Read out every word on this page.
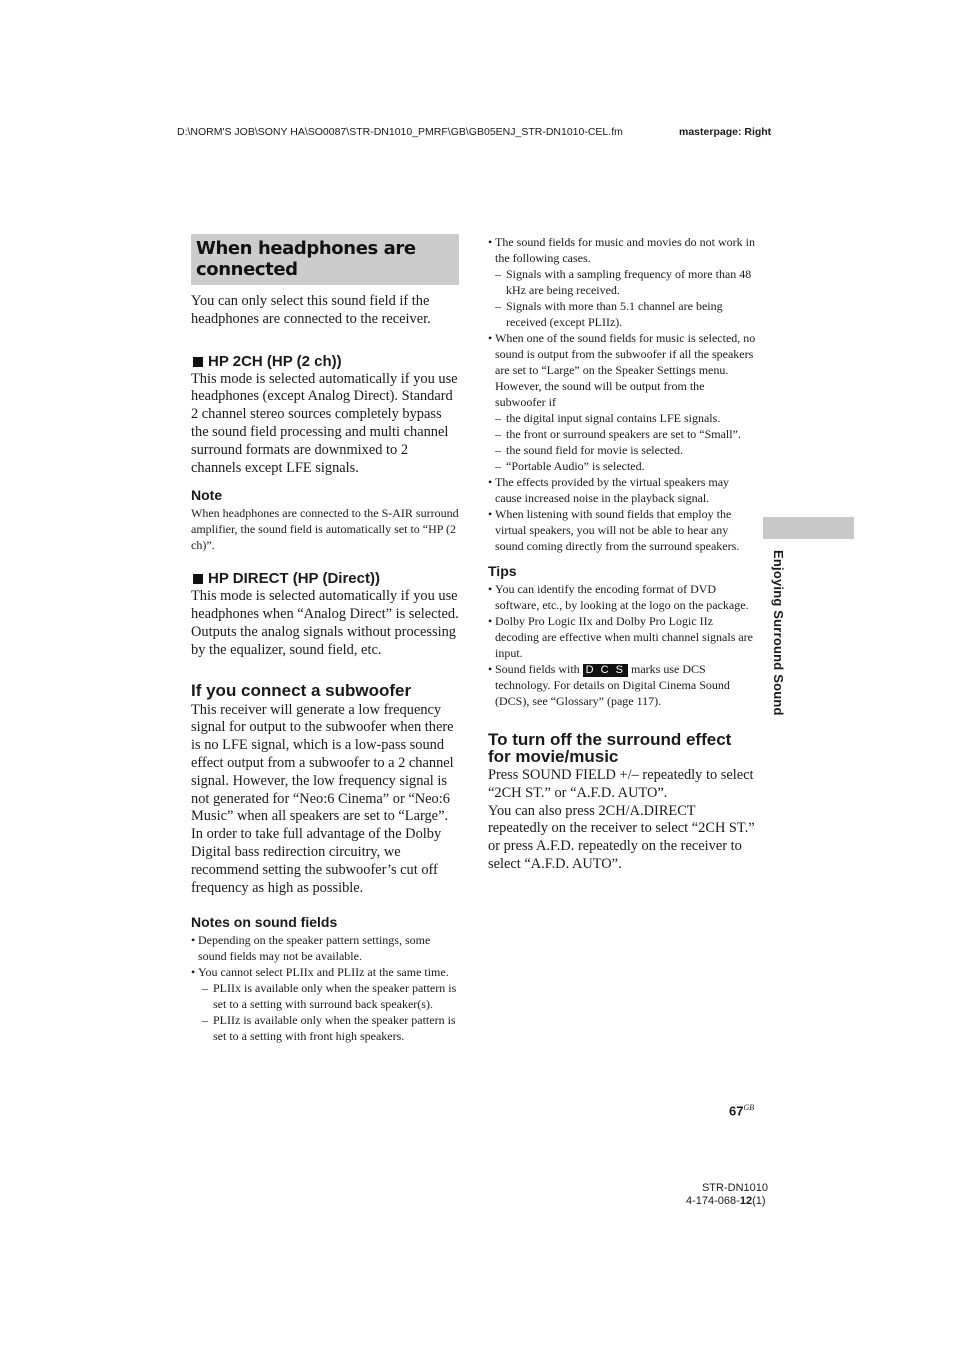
D:\NORM'S JOB\SONY HA\SO0087\STR-DN1010_PMRF\GB\GB05ENJ_STR-DN1010-CEL.fm	masterpage: Right
When headphones are
connected

You can only select this sound field if the headphones are connected to the receiver.

HP 2CH (HP (2 ch))

This mode is selected automatically if you use headphones (except Analog Direct). Standard 2 channel stereo sources completely bypass the sound field processing and multi channel surround formats are downmixed to 2 channels except LFE signals.

Note

When headphones are connected to the S-AIR surround amplifier, the sound field is automatically set to “HP (2 ch)”.

HP DIRECT (HP (Direct))

This mode is selected automatically if you use headphones when “Analog Direct” is selected. Outputs the analog signals without processing by the equalizer, sound field, etc.

If you connect a subwoofer

This receiver will generate a low frequency signal for output to the subwoofer when there is no LFE signal, which is a low-pass sound effect output from a subwoofer to a 2 channel signal. However, the low frequency signal is not generated for “Neo:6 Cinema” or “Neo:6 Music” when all speakers are set to “Large”. In order to take full advantage of the Dolby Digital bass redirection circuitry, we recommend setting the subwoofer’s cut off frequency as high as possible.

Notes on sound fields
• Depending on the speaker pattern settings, some sound fields may not be available.
• You cannot select PLIIx and PLIIz at the same time.
– PLIIx is available only when the speaker pattern is set to a setting with surround back speaker(s).
– PLIIz is available only when the speaker pattern is set to a setting with front high speakers.
• The sound fields for music and movies do not work in the following cases.
– Signals with a sampling frequency of more than 48 kHz are being received.
– Signals with more than 5.1 channel are being received (except PLIIz).
• When one of the sound fields for music is selected, no sound is output from the subwoofer if all the speakers are set to “Large” on the Speaker Settings menu. However, the sound will be output from the subwoofer if
– the digital input signal contains LFE signals.
– the front or surround speakers are set to “Small”.
– the sound field for movie is selected.
– “Portable Audio” is selected.
• The effects provided by the virtual speakers may cause increased noise in the playback signal.
• When listening with sound fields that employ the virtual speakers, you will not be able to hear any sound coming directly from the surround speakers.
Tips
• You can identify the encoding format of DVD software, etc., by looking at the logo on the package.
• Dolby Pro Logic IIx and Dolby Pro Logic IIz decoding are effective when multi channel signals are input.
• Sound fields with D C S marks use DCS technology. For details on Digital Cinema Sound (DCS), see “Glossary” (page 117).
To turn off the surround effect for movie/music

Press SOUND FIELD +/– repeatedly to select “2CH ST.” or “A.F.D. AUTO”.

You can also press 2CH/A.DIRECT repeatedly on the receiver to select “2CH ST.” or press A.F.D. repeatedly on the receiver to select “A.F.D. AUTO”.

Enjoying Surround Sound
$67^{GB}$
STR-DN1010
4-174-068-12(1)
